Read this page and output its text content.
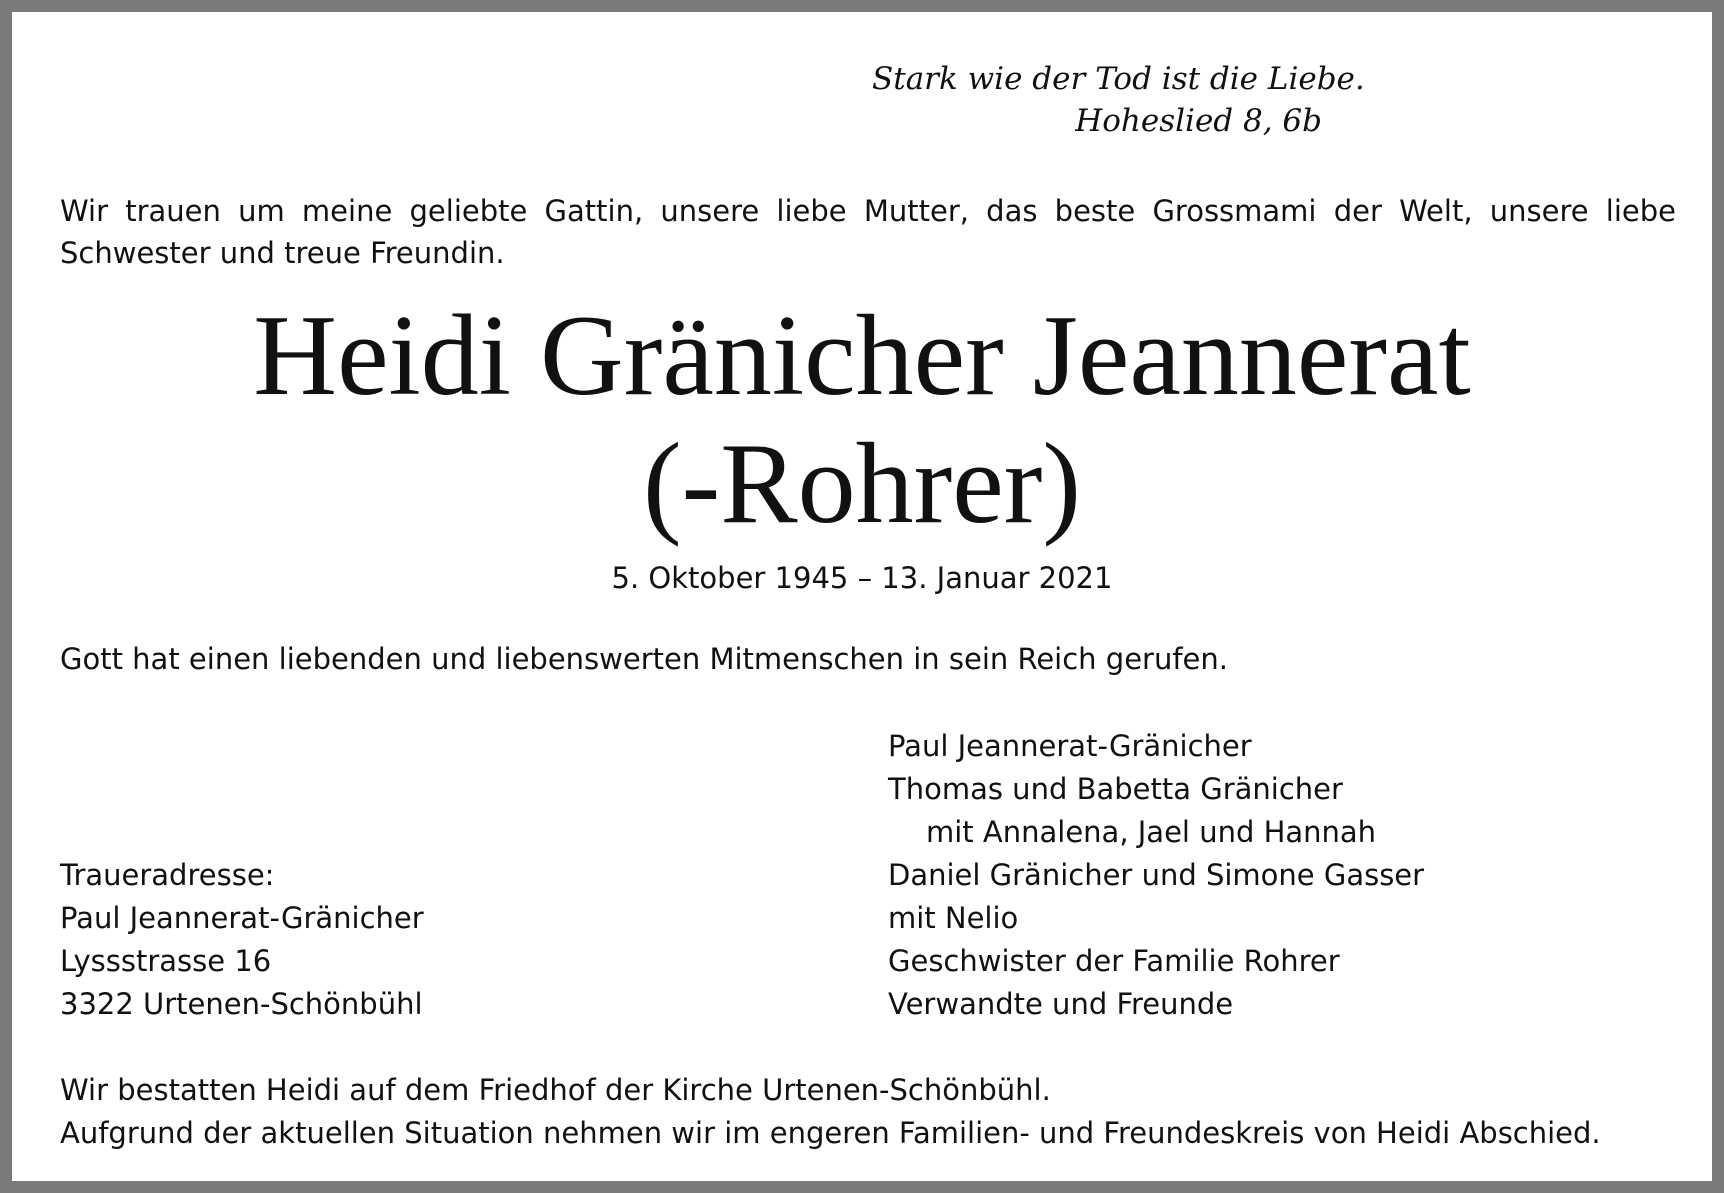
Stark wie der Tod ist die Liebe.
Hoheslied 8, 6b
Wir trauen um meine geliebte Gattin, unsere liebe Mutter, das beste Grossmami der Welt, unsere liebe Schwester und treue Freundin.
Heidi Gränicher Jeannerat
(-Rohrer)
5. Oktober 1945 – 13. Januar 2021
Gott hat einen liebenden und liebenswerten Mitmenschen in sein Reich gerufen.
Paul Jeannerat-Gränicher
Thomas und Babetta Gränicher
mit Annalena, Jael und Hannah
Daniel Gränicher und Simone Gasser
mit Nelio
Geschwister der Familie Rohrer
Verwandte und Freunde
Traueradresse:
Paul Jeannerat-Gränicher
Lyssstrasse 16
3322 Urtenen-Schönbühl
Wir bestatten Heidi auf dem Friedhof der Kirche Urtenen-Schönbühl.
Aufgrund der aktuellen Situation nehmen wir im engeren Familien- und Freundeskreis von Heidi Abschied.
